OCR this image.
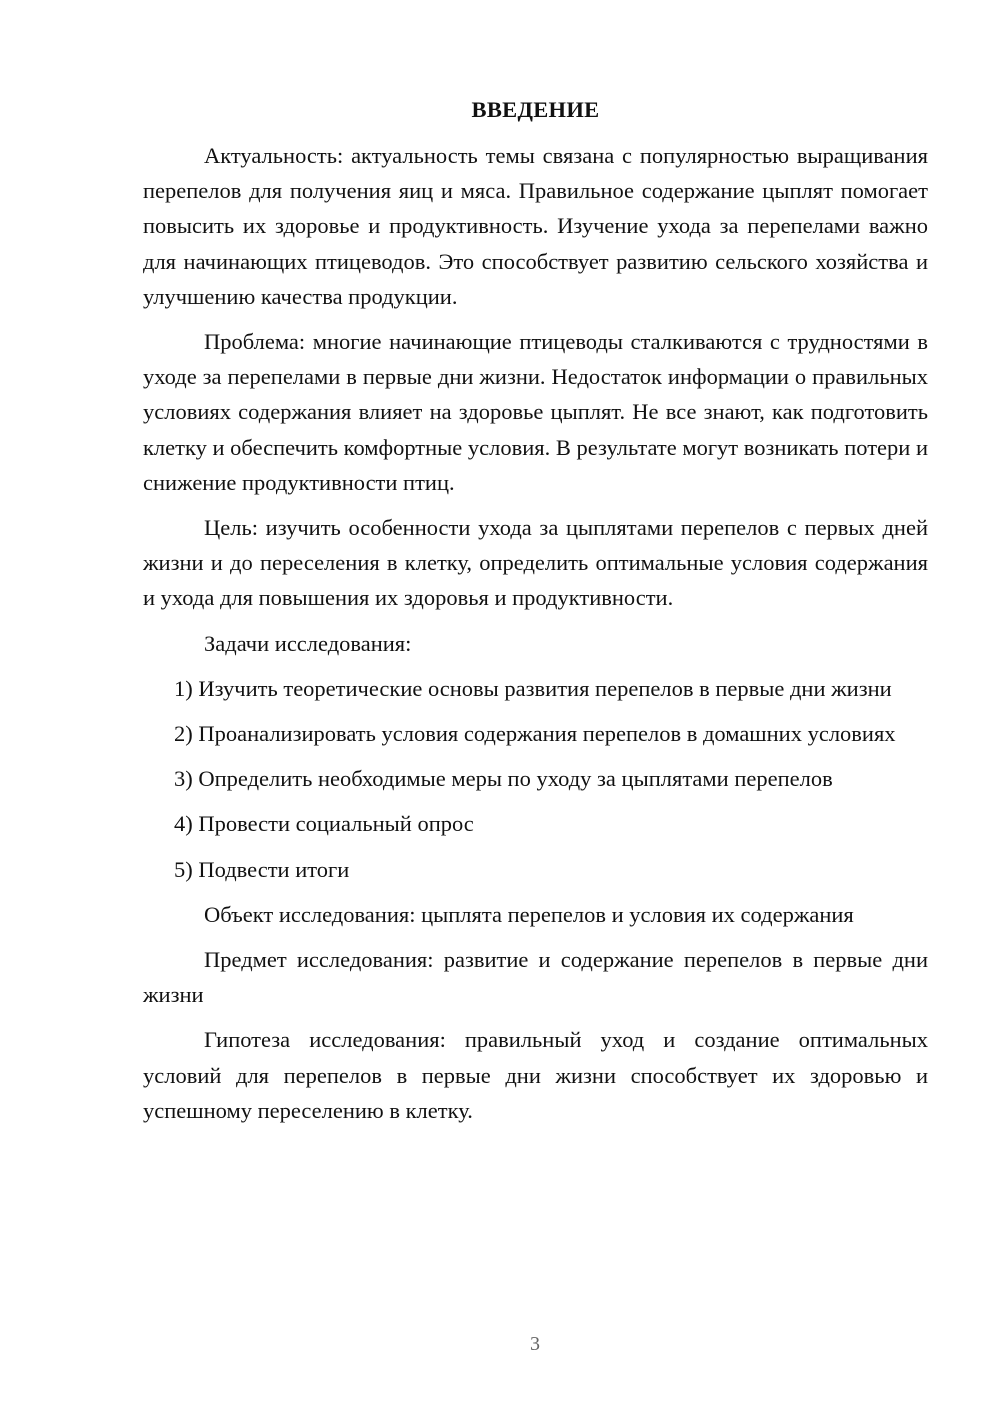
ВВЕДЕНИЕ

Актуальность: актуальность темы связана с популярностью выращивания перепелов для получения яиц и мяса. Правильное содержание цыплят помогает повысить их здоровье и продуктивность. Изучение ухода за перепелами важно для начинающих птицеводов. Это способствует развитию сельского хозяйства и улучшению качества продукции.

Проблема: многие начинающие птицеводы сталкиваются с трудностями в уходе за перепелами в первые дни жизни. Недостаток информации о правильных условиях содержания влияет на здоровье цыплят. Не все знают, как подготовить клетку и обеспечить комфортные условия. В результате могут возникать потери и снижение продуктивности птиц.

Цель: изучить особенности ухода за цыплятами перепелов с первых дней жизни и до переселения в клетку, определить оптимальные условия содержания и ухода для повышения их здоровья и продуктивности.

Задачи исследования:

1) Изучить теоретические основы развития перепелов в первые дни жизни

2) Проанализировать условия содержания перепелов в домашних условиях

3) Определить необходимые меры по уходу за цыплятами перепелов

4) Провести социальный опрос

5) Подвести итоги

Объект исследования: цыплята перепелов и условия их содержания

Предмет исследования: развитие и содержание перепелов в первые дни жизни

Гипотеза исследования: правильный уход и создание оптимальных условий для перепелов в первые дни жизни способствует их здоровью и успешному переселению в клетку.

3
